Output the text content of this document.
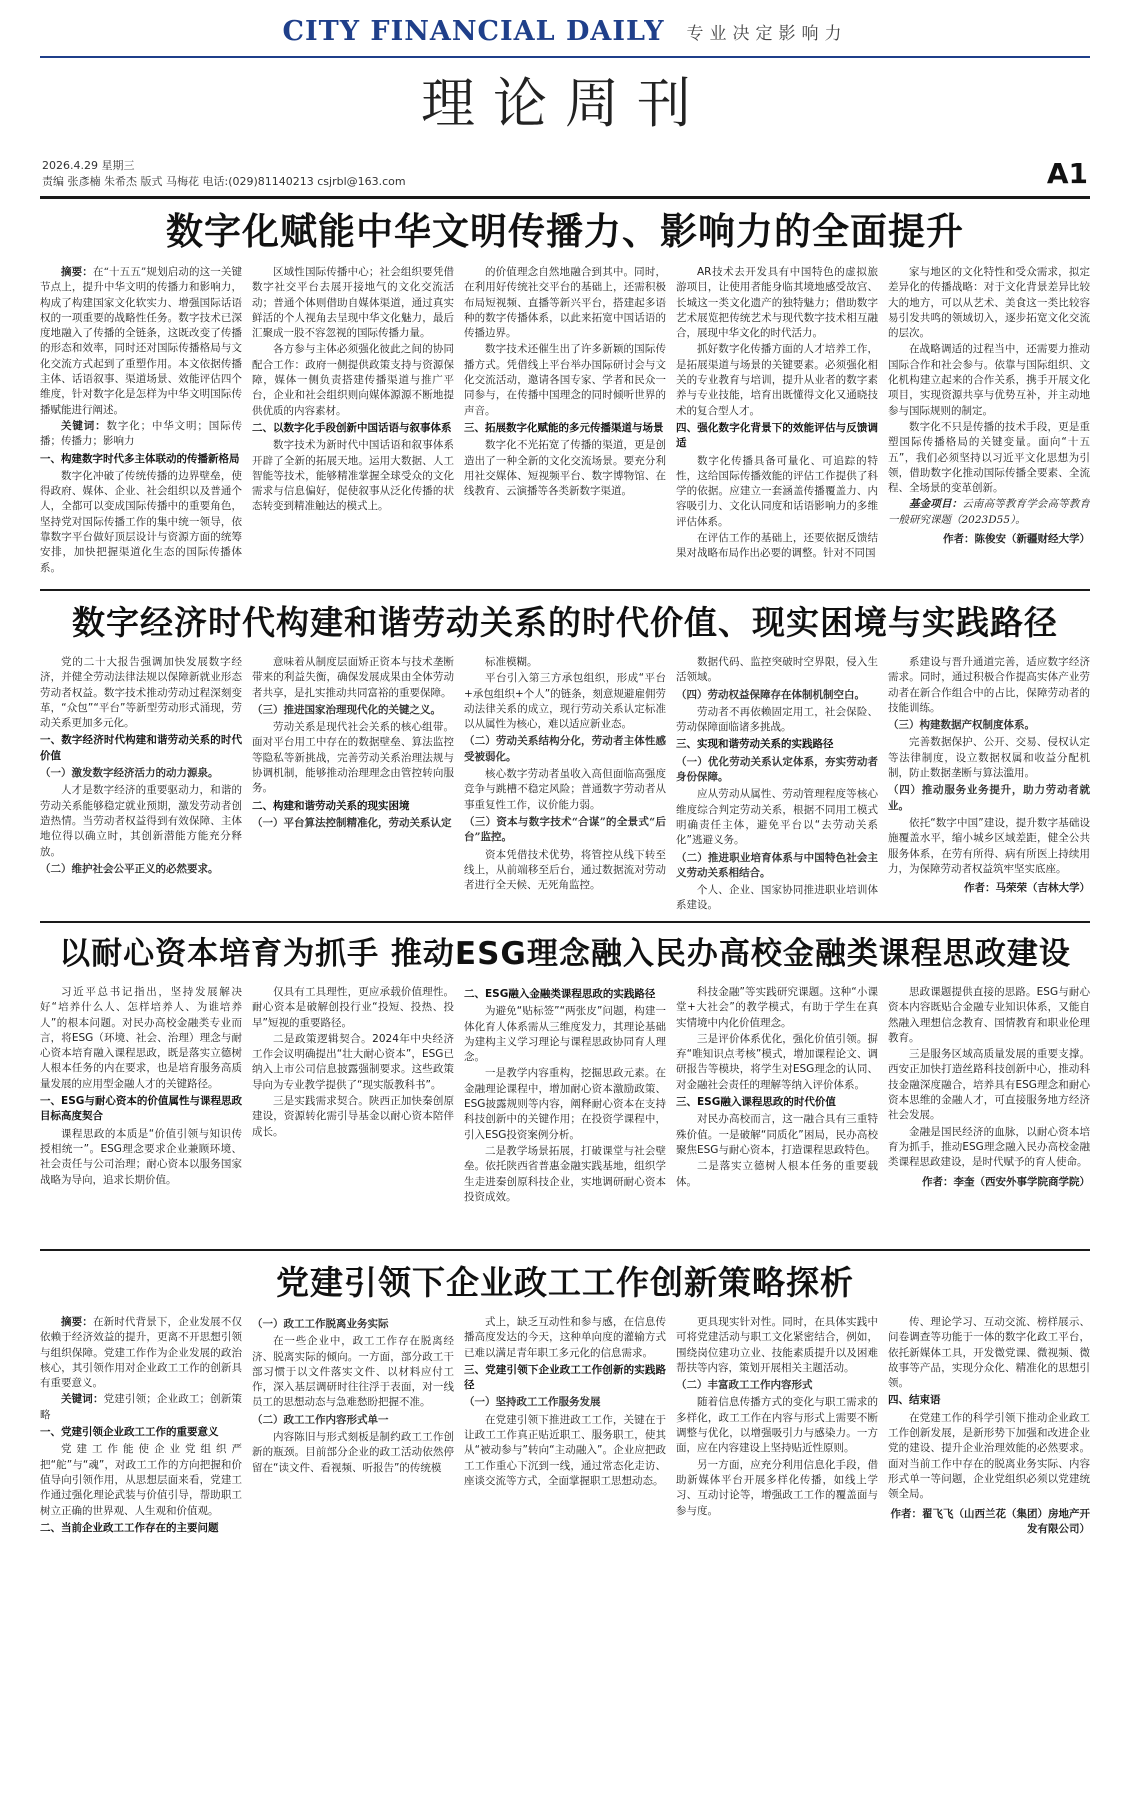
CITY FINANCIAL DAILY 专业决定影响力
理论周刊
2026.4.29 星期三
责编 张彥楠 朱希杰 版式 马梅花 电话:(029)81140213 csjrbl@163.com	A1
数字化赋能中华文明传播力、影响力的全面提升

摘要：在“十五五”规划启动的这一关键节点上，提升中华文明的传播力和影响力，构成了构建国家文化软实力、增强国际话语权的一项重要的战略性任务。数字技术已深度地融入了传播的全链条，这既改变了传播的形态和效率，同时还对国际传播格局与文化交流方式起到了重塑作用。本文依据传播主体、话语叙事、渠道场景、效能评估四个维度，针对数字化是怎样为中华文明国际传播赋能进行阐述。

关键词：数字化；中华文明；国际传播；传播力；影响力

一、构建数字时代多主体联动的传播新格局

数字化冲破了传统传播的边界壁垒，使得政府、媒体、企业、社会组织以及普通个人，全都可以变成国际传播中的重要角色，坚持党对国际传播工作的集中统一领导，依靠数字平台做好顶层设计与资源方面的统筹安排，加快把握渠道化生态的国际传播体系。

区域性国际传播中心；社会组织要凭借数字社交平台去展开接地气的文化交流活动；普通个体则借助自媒体渠道，通过真实鲜活的个人视角去呈现中华文化魅力，最后汇聚成一股不容忽视的国际传播力量。

各方参与主体必须强化彼此之间的协同配合工作：政府一侧提供政策支持与资源保障，媒体一侧负责搭建传播渠道与推广平台，企业和社会组织则向媒体源源不断地提供优质的内容素材。

二、以数字化手段创新中国话语与叙事体系

数字技术为新时代中国话语和叙事体系开辟了全新的拓展天地。运用大数据、人工智能等技术，能够精准掌握全球受众的文化需求与信息偏好，促使叙事从泛化传播的状态转变到精准触达的模式上。

的价值理念自然地融合到其中。同时，在利用好传统社交平台的基础上，还需积极布局短视频、直播等新兴平台，搭建起多语种的数字传播体系，以此来拓宽中国话语的传播边界。

数字技术还催生出了许多新颖的国际传播方式。凭借线上平台举办国际研讨会与文化交流活动，邀请各国专家、学者和民众一同参与，在传播中国理念的同时倾听世界的声音。

三、拓展数字化赋能的多元传播渠道与场景

数字化不光拓宽了传播的渠道，更是创造出了一种全新的文化交流场景。要充分利用社交媒体、短视频平台、数字博物馆、在线教育、云演播等各类新数字渠道。

AR技术去开发具有中国特色的虚拟旅游项目，让使用者能身临其境地感受故宫、长城这一类文化遗产的独特魅力；借助数字艺术展览把传统艺术与现代数字技术相互融合，展现中华文化的时代活力。

抓好数字化传播方面的人才培养工作，是拓展渠道与场景的关键要素。必须强化相关的专业教育与培训，提升从业者的数字素养与专业技能，培育出既懂得文化又通晓技术的复合型人才。

四、强化数字化背景下的效能评估与反馈调适

数字化传播具备可量化、可追踪的特性，这给国际传播效能的评估工作提供了科学的依据。应建立一套涵盖传播覆盖力、内容吸引力、文化认同度和话语影响力的多维评估体系。

在评估工作的基础上，还要依据反馈结果对战略布局作出必要的调整。针对不同国

家与地区的文化特性和受众需求，拟定差异化的传播战略：对于文化背景差异比较大的地方，可以从艺术、美食这一类比较容易引发共鸣的领域切入，逐步拓宽文化交流的层次。

在战略调适的过程当中，还需要力推动国际合作和社会参与。依靠与国际组织、文化机构建立起来的合作关系，携手开展文化项目，实现资源共享与优势互补，并主动地参与国际规则的制定。

数字化不只是传播的技术手段，更是重塑国际传播格局的关键变量。面向“十五五”，我们必须坚持以习近平文化思想为引领，借助数字化推动国际传播全要素、全流程、全场景的变革创新。

基金项目：云南高等教育学会高等教育一般研究课题（2023D55）。

作者：陈俊安（新疆财经大学）

数字经济时代构建和谐劳动关系的时代价值、现实困境与实践路径

党的二十大报告强调加快发展数字经济，并健全劳动法律法规以保障新就业形态劳动者权益。数字技术推动劳动过程深刻变革，“众包”“平台”等新型劳动形式涌现，劳动关系更加多元化。

一、数字经济时代构建和谐劳动关系的时代价值

（一）激发数字经济活力的动力源泉。

人才是数字经济的重要驱动力，和谐的劳动关系能够稳定就业预期，激发劳动者创造热情。当劳动者权益得到有效保障、主体地位得以确立时，其创新潜能方能充分释放。

（二）维护社会公平正义的必然要求。

意味着从制度层面矫正资本与技术垄断带来的利益失衡，确保发展成果由全体劳动者共享，是扎实推动共同富裕的重要保障。

（三）推进国家治理现代化的关键之义。

劳动关系是现代社会关系的核心组带。面对平台用工中存在的数据壁垒、算法监控等隐私等新挑战，完善劳动关系治理法规与协调机制，能够推动治理理念由管控转向服务。

二、构建和谐劳动关系的现实困境

（一）平台算法控制精准化，劳动关系认定

标准模糊。

平台引入第三方承包组织，形成“平台+承包组织+个人”的链条，刻意规避雇佣劳动法律关系的成立，现行劳动关系认定标准以从属性为核心，难以适应新业态。

（二）劳动关系结构分化，劳动者主体性感受被弱化。

核心数字劳动者虽收入高但面临高强度竞争与跳槽不稳定风险；普通数字劳动者从事重复性工作，议价能力弱。

（三）资本与数字技术“合谋”的全景式“后台”监控。

资本凭借技术优势，将管控从线下转至线上，从前端移至后台，通过数据流对劳动者进行全天候、无死角监控。

数据代码、监控突破时空界限，侵入生活领域。

（四）劳动权益保障存在体制机制空白。

劳动者不再依赖固定用工，社会保险、劳动保障面临诸多挑战。

三、实现和谐劳动关系的实践路径

（一）优化劳动关系认定体系，夯实劳动者身份保障。

应从劳动从属性、劳动管理程度等核心维度综合判定劳动关系，根据不同用工模式明确责任主体，避免平台以“去劳动关系化”逃避义务。

（二）推进职业培育体系与中国特色社会主义劳动关系相结合。

个人、企业、国家协同推进职业培训体系建设。

系建设与晋升通道完善，适应数字经济需求。同时，通过积极合作提高实体产业劳动者在新合作组合中的占比，保障劳动者的技能训练。

（三）构建数据产权制度体系。

完善数据保护、公开、交易、侵权认定等法律制度，设立数据权属和收益分配机制，防止数据垄断与算法滥用。

（四）推动服务业务提升，助力劳动者就业。

依托“数字中国”建设，提升数字基础设施覆盖水平，缩小城乡区域差距，健全公共服务体系，在劳有所得、病有所医上持续用力，为保障劳动者权益筑牢坚实底座。

作者：马荣荣（吉林大学）

以耐心资本培育为抓手 推动ESG理念融入民办高校金融类课程思政建设

习近平总书记指出，坚持发展解决好“培养什么人、怎样培养人、为谁培养人”的根本问题。对民办高校金融类专业而言，将ESG（环境、社会、治理）理念与耐心资本培育融入课程思政，既是落实立德树人根本任务的内在要求，也是培育服务高质量发展的应用型金融人才的关键路径。

一、ESG与耐心资本的价值属性与课程思政目标高度契合

课程思政的本质是“价值引领与知识传授相统一”。ESG理念要求企业兼顾环境、社会责任与公司治理；耐心资本以服务国家战略为导向，追求长期价值。

仅具有工具理性，更应承载价值理性。耐心资本是破解创投行业“投短、投热、投早”短视的重要路径。

二是政策逻辑契合。2024年中央经济工作会议明确提出“壮大耐心资本”，ESG已纳入上市公司信息披露强制要求。这些政策导向为专业教学提供了“现实版教科书”。

三是实践需求契合。陕西正加快秦创原建设，资源转化需引导基金以耐心资本陪伴成长。

二、ESG融入金融类课程思政的实践路径

为避免“贴标签”“两张皮”问题，构建一体化育人体系需从三维度发力，其理论基础为建构主义学习理论与课程思政协同育人理念。

一是教学内容重构，挖掘思政元素。在金融理论课程中，增加耐心资本激励政策、ESG披露规则等内容，阐释耐心资本在支持科技创新中的关键作用；在投资学课程中，引入ESG投资案例分析。

二是教学场景拓展，打破课堂与社会壁垒。依托陕西省普惠金融实践基地，组织学生走进秦创原科技企业，实地调研耐心资本投资成效。

科技金融”等实践研究课题。这种“小课堂+大社会”的教学模式，有助于学生在真实情境中内化价值理念。

三是评价体系优化，强化价值引领。摒弃“唯知识点考核”模式，增加课程论文、调研报告等模块，将学生对ESG理念的认同、对金融社会责任的理解等纳入评价体系。

三、ESG融入课程思政的时代价值

对民办高校而言，这一融合具有三重特殊价值。一是破解“同质化”困局，民办高校聚焦ESG与耐心资本，打造课程思政特色。

二是落实立德树人根本任务的重要载体。

思政课题提供直接的思路。ESG与耐心资本内容既贴合金融专业知识体系，又能自然融入理想信念教育、国情教育和职业伦理教育。

三是服务区域高质量发展的重要支撑。西安正加快打造丝路科技创新中心，推动科技金融深度融合，培养具有ESG理念和耐心资本思维的金融人才，可直接服务地方经济社会发展。

金融是国民经济的血脉，以耐心资本培育为抓手，推动ESG理念融入民办高校金融类课程思政建设，是时代赋予的育人使命。

作者：李奎（西安外事学院商学院）

党建引领下企业政工工作创新策略探析

摘要：在新时代背景下，企业发展不仅依赖于经济效益的提升，更离不开思想引领与组织保障。党建工作作为企业发展的政治核心，其引领作用对企业政工工作的创新具有重要意义。

关键词：党建引领；企业政工；创新策略

一、党建引领企业政工工作的重要意义

党建工作能使企业党组织严把“舵”与“魂”，对政工工作的方向把握和价值导向引领作用，从思想层面来看，党建工作通过强化理论武装与价值引导，帮助职工树立正确的世界观、人生观和价值观。

二、当前企业政工工作存在的主要问题

（一）政工工作脱离业务实际

在一些企业中，政工工作存在脱离经济、脱离实际的倾向。一方面，部分政工干部习惯于以文件落实文件、以材料应付工作，深入基层调研时往往浮于表面，对一线员工的思想动态与急难愁盼把握不准。

（二）政工工作内容形式单一

内容陈旧与形式刻板是制约政工工作创新的瓶颈。目前部分企业的政工活动依然停留在“读文件、看视频、听报告”的传统模

式上，缺乏互动性和参与感，在信息传播高度发达的今天，这种单向度的灌输方式已难以满足青年职工多元化的信息需求。

三、党建引领下企业政工工作创新的实践路径

（一）坚持政工工作服务发展

在党建引领下推进政工工作，关键在于让政工工作真正贴近职工、服务职工，使其从“被动参与”转向“主动融入”。企业应把政工工作重心下沉到一线，通过常态化走访、座谈交流等方式，全面掌握职工思想动态。

更具现实针对性。同时，在具体实践中可将党建活动与职工文化紧密结合，例如，围绕岗位建功立业、技能素质提升以及困难帮扶等内容，策划开展相关主题活动。

（二）丰富政工工作内容形式

随着信息传播方式的变化与职工需求的多样化，政工工作在内容与形式上需要不断调整与优化，以增强吸引力与感染力。一方面，应在内容建设上坚持贴近性原则。

另一方面，应充分利用信息化手段，借助新媒体平台开展多样化传播，如线上学习、互动讨论等，增强政工工作的覆盖面与参与度。

传、理论学习、互动交流、榜样展示、问卷调查等功能于一体的数字化政工平台，依托新媒体工具，开发微党课、微视频、微故事等产品，实现分众化、精准化的思想引领。

四、结束语

在党建工作的科学引领下推动企业政工工作创新发展，是新形势下加强和改进企业党的建设、提升企业治理效能的必然要求。面对当前工作中存在的脱离业务实际、内容形式单一等问题，企业党组织必须以党建统领全局。

作者：翟飞飞（山西兰花（集团）房地产开发有限公司）
